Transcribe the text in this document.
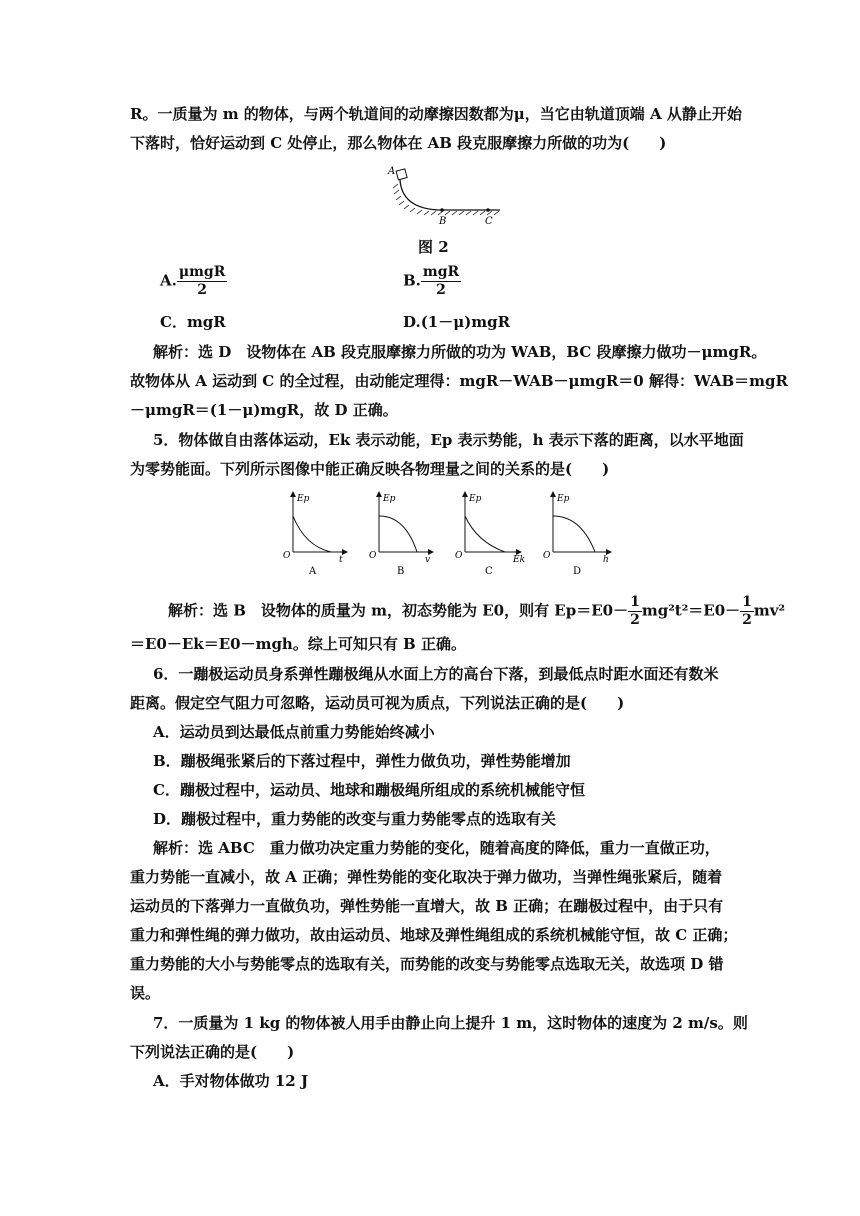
R。一质量为 m 的物体，与两个轨道间的动摩擦因数都为μ，当它由轨道顶端 A 从静止开始
下落时，恰好运动到 C 处停止，那么物体在 AB 段克服摩擦力所做的功为(　　)
A
B	C
图 2
A. $\frac{\text{μmgR}}{2}$	B. $\frac{\text{mgR}}{2}$
C．mgR	D.(1－μ)mgR
解析：选 D　设物体在 AB 段克服摩擦力所做的功为 WAB，BC 段摩擦力做功－μmgR。
故物体从 A 运动到 C 的全过程，由动能定理得：mgR－WAB－μmgR＝0 解得：WAB＝mgR
－μmgR＝(1－μ)mgR，故 D 正确。
5．物体做自由落体运动，Ek 表示动能，Ep 表示势能，h 表示下落的距离，以水平地面
为零势能面。下列所示图像中能正确反映各物理量之间的关系的是(　　)
Ep
O	t
A
Ep
O	v
B
Ep
O	Ek
C
Ep
O	h
D
解析：选 B　设物体的质量为 m，初态势能为 E0，则有 $Ep=E0- \frac{1}{2} mg^2t^2=E0- \frac{1}{2} mv^2$
＝E0－Ek＝E0－mgh。综上可知只有 B 正确。
6．一蹦极运动员身系弹性蹦极绳从水面上方的高台下落，到最低点时距水面还有数米
距离。假定空气阻力可忽略，运动员可视为质点，下列说法正确的是(　　)
A．运动员到达最低点前重力势能始终减小
B．蹦极绳张紧后的下落过程中，弹性力做负功，弹性势能增加
C．蹦极过程中，运动员、地球和蹦极绳所组成的系统机械能守恒
D．蹦极过程中，重力势能的改变与重力势能零点的选取有关
解析：选 ABC　重力做功决定重力势能的变化，随着高度的降低，重力一直做正功，
重力势能一直减小，故 A 正确；弹性势能的变化取决于弹力做功，当弹性绳张紧后，随着
运动员的下落弹力一直做负功，弹性势能一直增大，故 B 正确；在蹦极过程中，由于只有
重力和弹性绳的弹力做功，故由运动员、地球及弹性绳组成的系统机械能守恒，故 C 正确；
重力势能的大小与势能零点的选取有关，而势能的改变与势能零点选取无关，故选项 D 错
误。
7．一质量为 1 kg 的物体被人用手由静止向上提升 1 m，这时物体的速度为 2 m/s。则
下列说法正确的是(　　)
A．手对物体做功 12 J
